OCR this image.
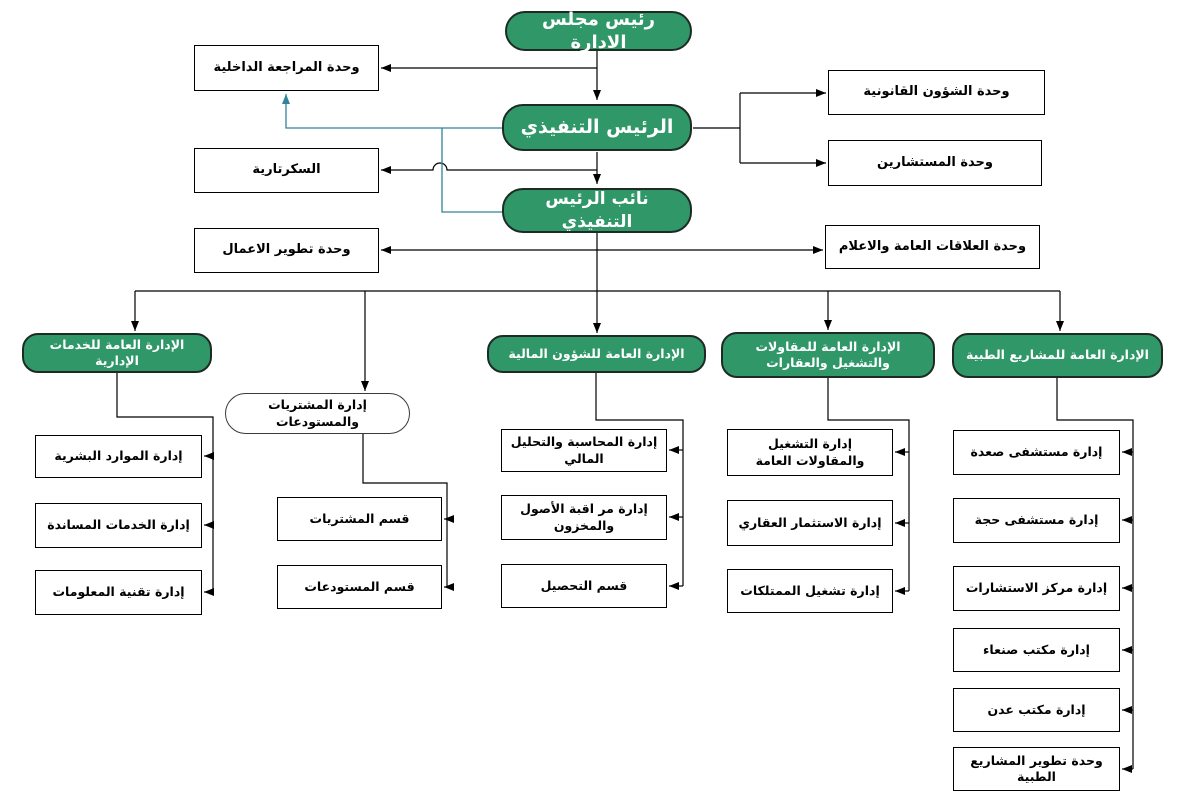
رئيس مجلس الادارة
الرئيس التنفيذي
نائب الرئيس التنفيذي
وحدة المراجعة الداخلية
السكرتارية
وحدة تطوير الاعمال
وحدة الشؤون القانونية
وحدة المستشارين
وحدة العلاقات العامة والاعلام
الإدارة العامة للخدمات الإدارية
إدارة المشتريات والمستودعات
الإدارة العامة للشؤون المالية	الإدارة العامة للمقاولات والتشغيل والعقارات
الإدارة العامة للمشاريع الطبية
إدارة الموارد البشرية
إدارة الخدمات المساندة
إدارة تقنية المعلومات
قسم المشتريات
قسم المستودعات
إدارة المحاسبة والتحليل المالي
إدارة مر اقبة الأصول والمخزون
قسم التحصيل
إدارة التشغيل والمقاولات العامة
إدارة الاستثمار العقاري
إدارة تشغيل الممتلكات
إدارة مستشفى صعدة
إدارة مستشفى حجة
إدارة مركز الاستشارات
إدارة مكتب صنعاء
إدارة مكتب عدن
وحدة تطوير المشاريع الطبية
